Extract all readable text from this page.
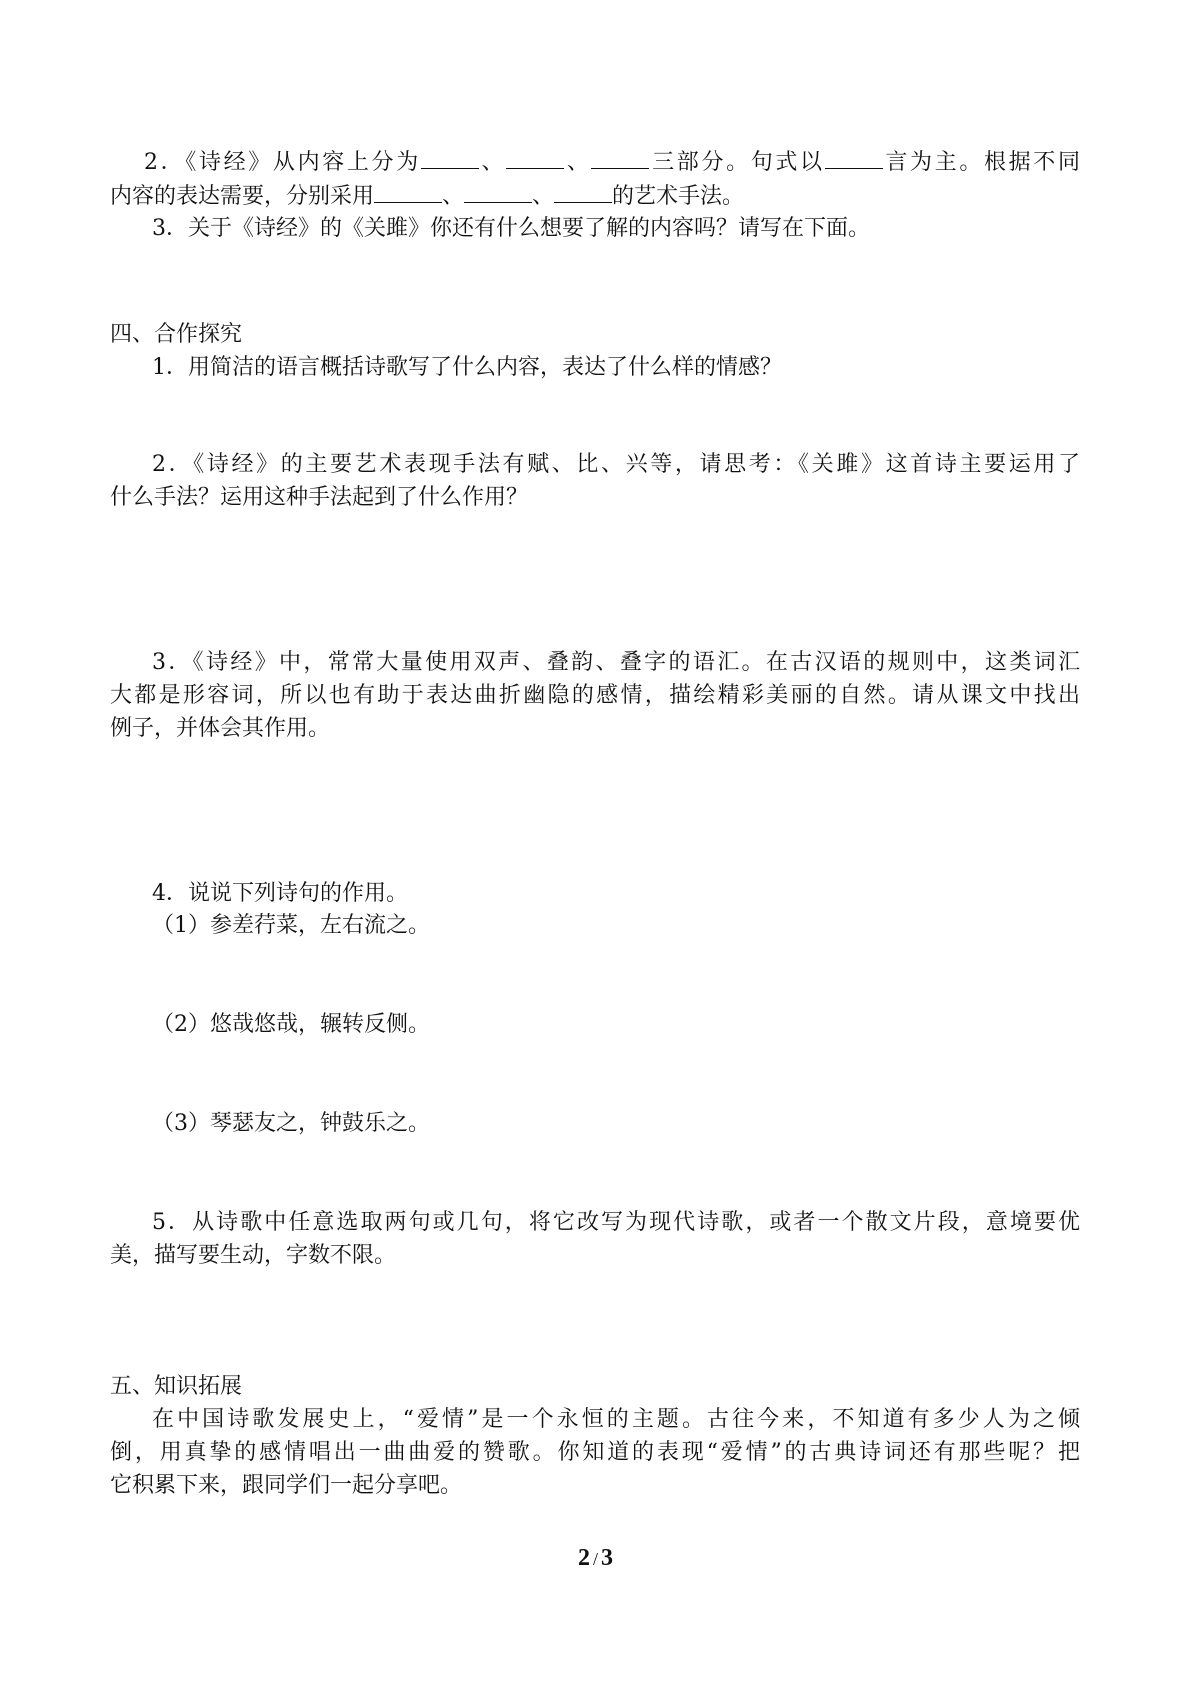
2．《诗经》从内容上分为	、	、	三部分。句式以	言为主。根据不同
内容的表达需要，分别采用	、	、	的艺术手法。
3．关于《诗经》的《关雎》你还有什么想要了解的内容吗？请写在下面。
四、合作探究
1．用简洁的语言概括诗歌写了什么内容，表达了什么样的情感？
2．《诗经》的主要艺术表现手法有赋、比、兴等，请思考：《关雎》这首诗主要运用了
什么手法？运用这种手法起到了什么作用？
3．《诗经》中，常常大量使用双声、叠韵、叠字的语汇。在古汉语的规则中，这类词汇
大都是形容词，所以也有助于表达曲折幽隐的感情，描绘精彩美丽的自然。请从课文中找出
例子，并体会其作用。
4．说说下列诗句的作用。
（1）参差荇菜，左右流之。
（2）悠哉悠哉，辗转反侧。
（3）琴瑟友之，钟鼓乐之。
5．从诗歌中任意选取两句或几句，将它改写为现代诗歌，或者一个散文片段，意境要优
美，描写要生动，字数不限。
五、知识拓展
在中国诗歌发展史上，“爱情”是一个永恒的主题。古往今来，不知道有多少人为之倾
倒，用真挚的感情唱出一曲曲爱的赞歌。你知道的表现“爱情”的古典诗词还有那些呢？把
它积累下来，跟同学们一起分享吧。
2 / 3
